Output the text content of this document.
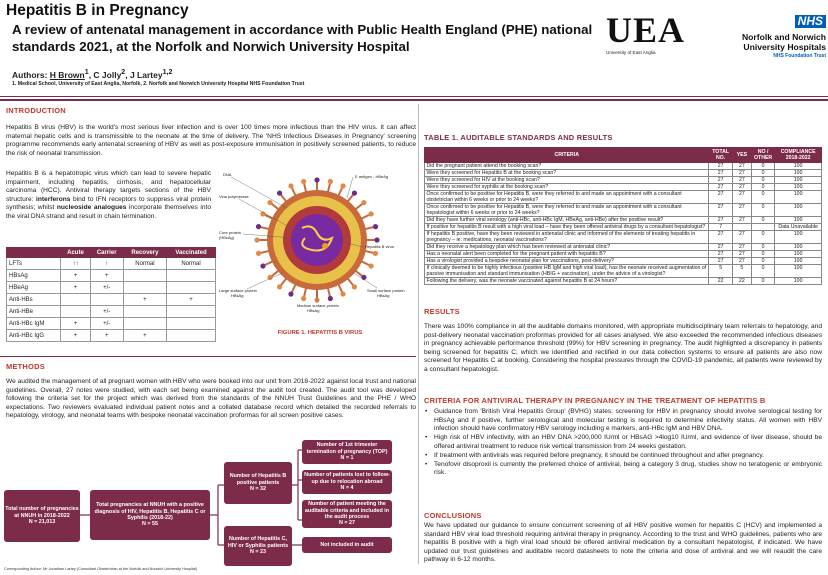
Hepatitis B in Pregnancy
A review of antenatal management in accordance with Public Health England (PHE) national standards 2021, at the Norfolk and Norwich University Hospital
Authors: H Brown$^1$, C Jolly$^2$, J Lartey$^{1,2}$
1. Medical School, University of East Anglia, Norfolk, 2. Norfolk and Norwich University Hospital NHS Foundation Trust
UEA
University of East Anglia
NHS
Norfolk and Norwich
University Hospitals
NHS Foundation Trust
INTRODUCTION
Hepatitis B virus (HBV) is the world's most serious liver infection and is over 100 times more infectious than the HIV virus. It can affect maternal hepatic cells and is transmissible to the neonate at the time of delivery. The 'NHS Infectious Diseases in Pregnancy' screening programme recommends early antenatal screening of HBV as well as post-exposure immunisation in positively screened patients, to reduce the risk of neonatal transmission.
Hepatitis B is a hepatotropic virus which can lead to severe hepatic impairment, including hepatitis, cirrhosis, and hepatocellular carcinoma (HCC). Antiviral therapy targets sections of the HBV structure: interferons bind to IFN receptors to suppress viral protein synthesis; whilst nucleoside analogues incorporate themselves into the viral DNA strand and result in chain termination.
	Acute	Carrier	Recovery	Vaccinated
LFTs	↑↑	↑	Normal	Normal
HBsAg	+	+		
HBeAg	+	+/-		
Anti-HBs			+	+
Anti-HBe		+/-		
Anti-HBc IgM	+	+/-		
Anti-HBc IgG	+	+	+	
DNA	E antigen - HBeAg
Viral polymerase
Core protein
(HBcAg)
Hepatitis B virus
Large surface protein
HBsAg
Medium surface protein
HBsAg
Small surface protein
HBsAg
FIGURE 1. HEPATITIS B VIRUS
METHODS
We audited the management of all pregnant women with HBV who were booked into our unit from 2018-2022 against local trust and national guidelines. Overall, 27 notes were studied, with each set being examined against the audit tool created. The audit tool was developed following the criteria set for the project which was derived from the standards of the NNUH Trust Guidelines and the PHE / WHO expectations. Two reviewers evaluated individual patient notes and a collated database record which detailed the recorded referrals to hepatology, virology, and neonatal teams with bespoke neonatal vaccination proformas for all screen positive cases.
Total number of pregnancies at NNUH in 2018-2022
N = 21,013
Total pregnancies at NNUH with a positive diagnosis of HIV, Hepatitis B, Hepatitis C or Syphilis (2018-22)
N = 55
Number of Hepatitis B positive patients
N = 32
Number of Hepatitis C, HIV or Syphilis patients
N = 23
Number of 1st trimester termination of pregnancy (TOP)
N = 1
Number of patients lost to follow-up due to relocation abroad
N = 4
Number of patient meeting the auditable criteria and included in the audit process
N = 27
Not included in audit
TABLE 1. AUDITABLE STANDARDS AND RESULTS
CRITERIA	TOTAL NO.	YES	NO / OTHER	COMPLIANCE 2018-2022
Did the pregnant patient attend the booking scan?	27	27	0	100
Were they screened for Hepatitis B at the booking scan?	27	27	0	100
Were they screened for HIV at the booking scan?	27	27	0	100
Were they screened for syphilis at the booking scan?	27	27	0	100
Once confirmed to be positive for Hepatitis B, were they referred to and made an appointment with a consultant obstetrician within 6 weeks or prior to 24 weeks?	27	27	0	100
Once confirmed to be positive for Hepatitis B, were they referred to and made an appointment with a consultant hepatologist within 6 weeks or prior to 24 weeks?	27	27	0	100
Did they have further viral serology (anti-HBc, anti-HBc IgM, HBeAg, anti-HBe) after the positive result?	27	27	0	100
If positive for hepatitis B result with a high viral load – have they been offered antiviral drugs by a consultant hepatologist?	7			Data Unavailable
If hepatitis B positive, have they been reviewed in antenatal clinic and informed of the elements of treating hepatitis in pregnancy – ie: medications, neonatal vaccinations?	27	27	0	100
Did they receive a hepatology plan which has been reviewed at antenatal clinic?	27	27	0	100
Has a neonatal alert been completed for the pregnant patient with hepatitis B?	27	27	0	100
Has a virologist provided a bespoke neonatal plan for vaccinations, post-delivery?	27	27	0	100
If clinically deemed to be highly infectious (positive HB IgM and high viral load), has the neonate received augmentation of passive immunisation and standard immunisation (HBIG + vaccination), under the advice of a virologist?	5	5	0	100
Following the delivery, was the neonate vaccinated against hepatitis B at 24 hours?	22	22	0	100
RESULTS
There was 100% compliance in all the auditable domains monitored, with appropriate multidisciplinary team referrals to hepatology, and post-delivery neonatal vaccination proformas provided for all cases analysed. We also exceeded the recommended infectious diseases in pregnancy achievable performance threshold (99%) for HBV screening in pregnancy. The audit highlighted a discrepancy in patients being screened for hepatitis C, which we identified and rectified in our data collection systems to ensure all patients are also now screened for Hepatitis C at booking. Considering the hospital pressures through the COVID-19 pandemic, all patients were reviewed by a consultant hepatologist.
CRITERIA FOR ANTIVIRAL THERAPY IN PREGNANCY IN THE TREATMENT OF HEPATITIS B
• Guidance from 'British Viral Hepatitis Group' (BVHG) states: screening for HBV in pregnancy should involve serological testing for HBsAg and if positive, further serological and molecular testing is required to determine infectivity status. All women with HBV infection should have confirmatory HBV serology including e markers, anti-HBc IgM and HBV DNA.
• High risk of HBV infectivity, with an HBV DNA >200,000 IU/ml or HBsAG >4log10 IU/ml, and evidence of liver disease, should be offered antiviral treatment to reduce risk vertical transmission from 24 weeks gestation.
• If treatment with antivirals was required before pregnancy, it should be continued throughout and after pregnancy.
• Tenofovir disoproxil is currently the preferred choice of antiviral, being a category 3 drug, studies show no teratogenic or embryonic risk.
CONCLUSIONS
We have updated our guidance to ensure concurrent screening of all HBV positive women for hepatitis C (HCV) and implemented a standard HBV viral load threshold requiring antiviral therapy in pregnancy. According to the trust and WHO guidelines, patients who are hepatitis B positive with a high viral load should be offered antiviral medication by a consultant hepatologist, if indicated. We have updated our trust guidelines and auditable record datasheets to note the criteria and dose of antiviral and we will reaudit the care pathway in 6-12 months.
Corresponding Author: Mr Jonathan Lartey (Consultant Obstetrician at the Norfolk and Norwich University Hospital)
